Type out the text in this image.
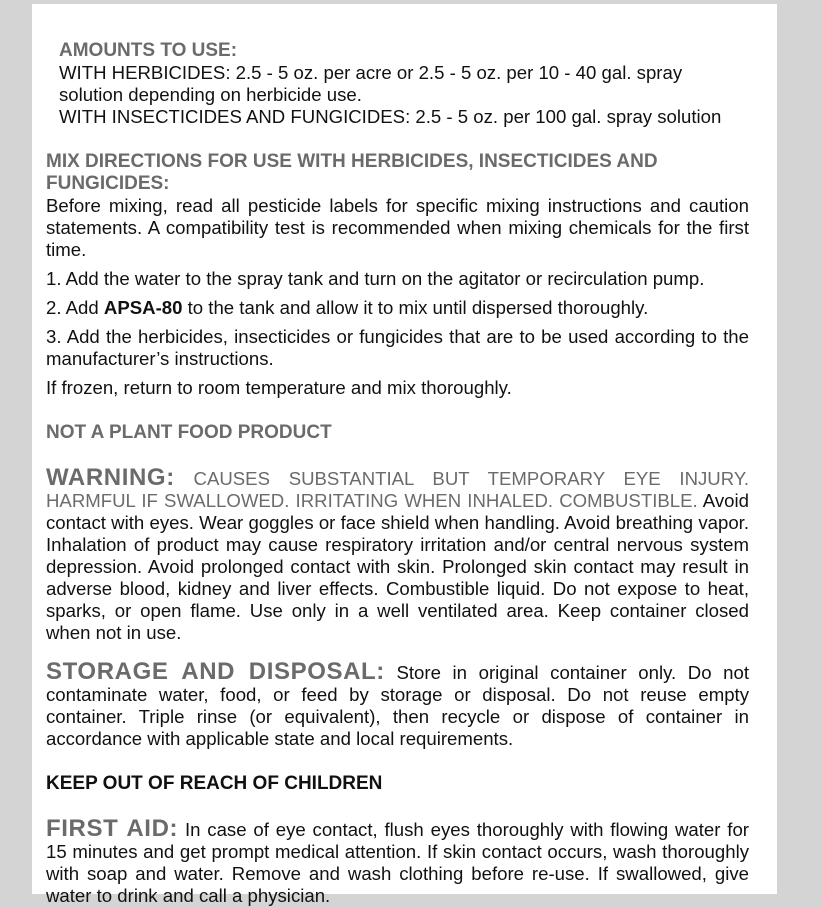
AMOUNTS TO USE:
WITH HERBICIDES: 2.5 - 5 oz. per acre or 2.5 - 5 oz. per 10 - 40 gal. spray solution depending on herbicide use.
WITH INSECTICIDES AND FUNGICIDES: 2.5 - 5 oz. per 100 gal. spray solution
MIX DIRECTIONS FOR USE WITH HERBICIDES, INSECTICIDES AND FUNGICIDES:
Before mixing, read all pesticide labels for specific mixing instructions and caution statements. A compatibility test is recommended when mixing chemicals for the first time.
1. Add the water to the spray tank and turn on the agitator or recirculation pump.
2. Add APSA-80 to the tank and allow it to mix until dispersed thoroughly.
3. Add the herbicides, insecticides or fungicides that are to be used according to the manufacturer’s instructions.
If frozen, return to room temperature and mix thoroughly.
NOT A PLANT FOOD PRODUCT
WARNING: CAUSES SUBSTANTIAL BUT TEMPORARY EYE INJURY. HARMFUL IF SWALLOWED. IRRITATING WHEN INHALED. COMBUSTIBLE. Avoid contact with eyes. Wear goggles or face shield when handling. Avoid breathing vapor. Inhalation of product may cause respiratory irritation and/or central nervous system depression. Avoid prolonged contact with skin. Prolonged skin contact may result in adverse blood, kidney and liver effects. Combustible liquid. Do not expose to heat, sparks, or open flame. Use only in a well ventilated area. Keep container closed when not in use.
STORAGE AND DISPOSAL: Store in original container only. Do not contaminate water, food, or feed by storage or disposal. Do not reuse empty container. Triple rinse (or equivalent), then recycle or dispose of container in accordance with applicable state and local requirements.
KEEP OUT OF REACH OF CHILDREN
FIRST AID: In case of eye contact, flush eyes thoroughly with flowing water for 15 minutes and get prompt medical attention. If skin contact occurs, wash thoroughly with soap and water. Remove and wash clothing before re-use. If swallowed, give water to drink and call a physician.
